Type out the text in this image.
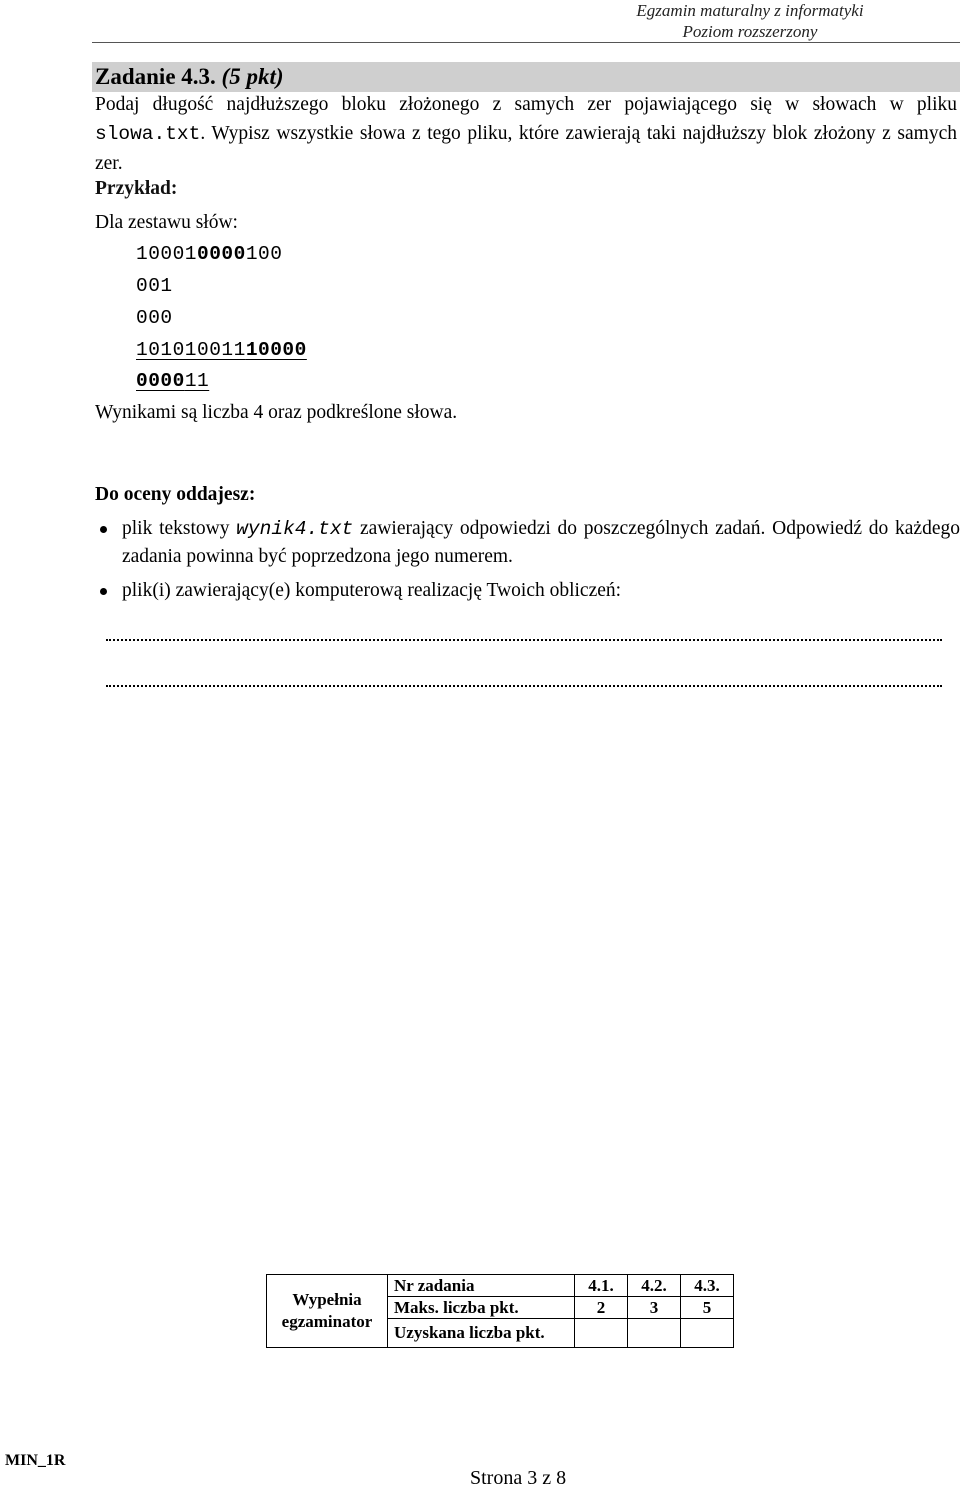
Egzamin maturalny z informatyki
Poziom rozszerzony
Zadanie 4.3. (5 pkt)
Podaj długość najdłuższego bloku złożonego z samych zer pojawiającego się w słowach w pliku slowa.txt. Wypisz wszystkie słowa z tego pliku, które zawierają taki najdłuższy blok złożony z samych zer.
Przykład:
Dla zestawu słów:
100010000100
001
000
10101001110000
000011
Wynikami są liczba 4 oraz podkreślone słowa.
Do oceny oddajesz:
plik tekstowy wynik4.txt zawierający odpowiedzi do poszczególnych zadań. Odpowiedź do każdego zadania powinna być poprzedzona jego numerem.
plik(i) zawierający(e) komputerową realizację Twoich obliczeń:
Wypełnia egzaminator	Nr zadania	4.1.	4.2.	4.3.
	Maks. liczba pkt.	2	3	5
	Uzyskana liczba pkt.			
MIN_1R
Strona 3 z 8
